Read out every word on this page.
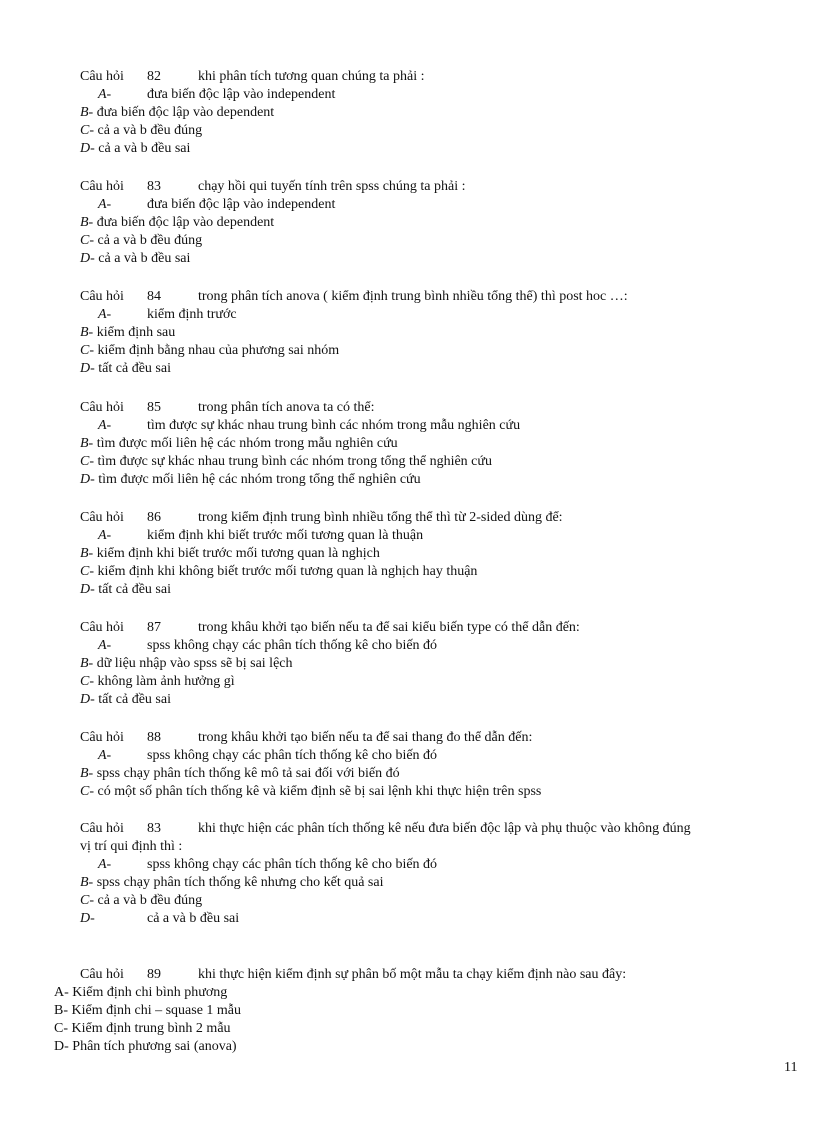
Câu hỏi 82	khi phân tích tương quan chúng ta phải :
A-	đưa biến độc lập vào independent
B- đưa biến độc lập vào dependent
C- cả a và b đều đúng
D- cả a và b đều sai
Câu hỏi 83	chạy hồi qui tuyến tính trên spss chúng ta phải :
A-	đưa biến độc lập vào independent
B- đưa biến độc lập vào dependent
C- cả a và b đều đúng
D- cả a và b đều sai
Câu hỏi 84	trong phân tích anova ( kiểm định trung bình nhiều tổng thể) thì post hoc …:
A-	kiểm định trước
B- kiểm định sau
C- kiểm định bằng nhau của phương sai nhóm
D- tất cả đều sai
Câu hỏi 85	trong phân tích anova ta có thể:
A-	tìm được sự khác nhau trung bình các nhóm trong mẫu nghiên cứu
B- tìm được mối liên hệ các nhóm trong mẫu nghiên cứu
C- tìm được sự khác nhau trung bình các nhóm trong tổng thể nghiên cứu
D- tìm được mối liên hệ các nhóm trong tổng thể nghiên cứu
Câu hỏi 86	trong kiểm định trung bình nhiều tổng thể thì từ 2-sided dùng để:
A-	kiểm định khi biết trước mối tương quan là thuận
B- kiểm định khi biết trước mối tương quan là nghịch
C- kiểm định khi không biết trước mối tương quan là nghịch hay thuận
D- tất cả đều sai
Câu hỏi 87	trong khâu khởi tạo biến nếu ta để sai kiểu biến type có thể dẫn đến:
A-	spss không chạy các phân tích thống kê cho biến đó
B- dữ liệu nhập vào spss sẽ bị sai lệch
C- không làm ảnh hưởng gì
D- tất cả đều sai
Câu hỏi 88	trong khâu khởi tạo biến nếu ta để sai thang đo thể dẫn đến:
A-	spss không chạy các phân tích thống kê cho biến đó
B- spss chạy phân tích thống kê mô tả sai đối với biến đó
C- có một số phân tích thống kê và kiểm định sẽ bị sai lệnh khi thực hiện trên spss
Câu hỏi 83	khi thực hiện các phân tích thống kê nếu đưa biến độc lập và phụ thuộc vào không đúng
vị trí qui định thì :
A-	spss không chạy các phân tích thống kê cho biến đó
B- spss chạy phân tích thống kê nhưng cho kết quả sai
C- cả a và b đều đúng
D-	cả a và b đều sai
Câu hỏi 89	khi thực hiện kiểm định sự phân bố một mẫu ta chạy kiểm định nào sau đây:
A- Kiểm định chi bình phương
B- Kiểm định chi – squase 1 mẫu
C- Kiểm định trung bình 2 mẫu
D- Phân tích phương sai (anova)
11
